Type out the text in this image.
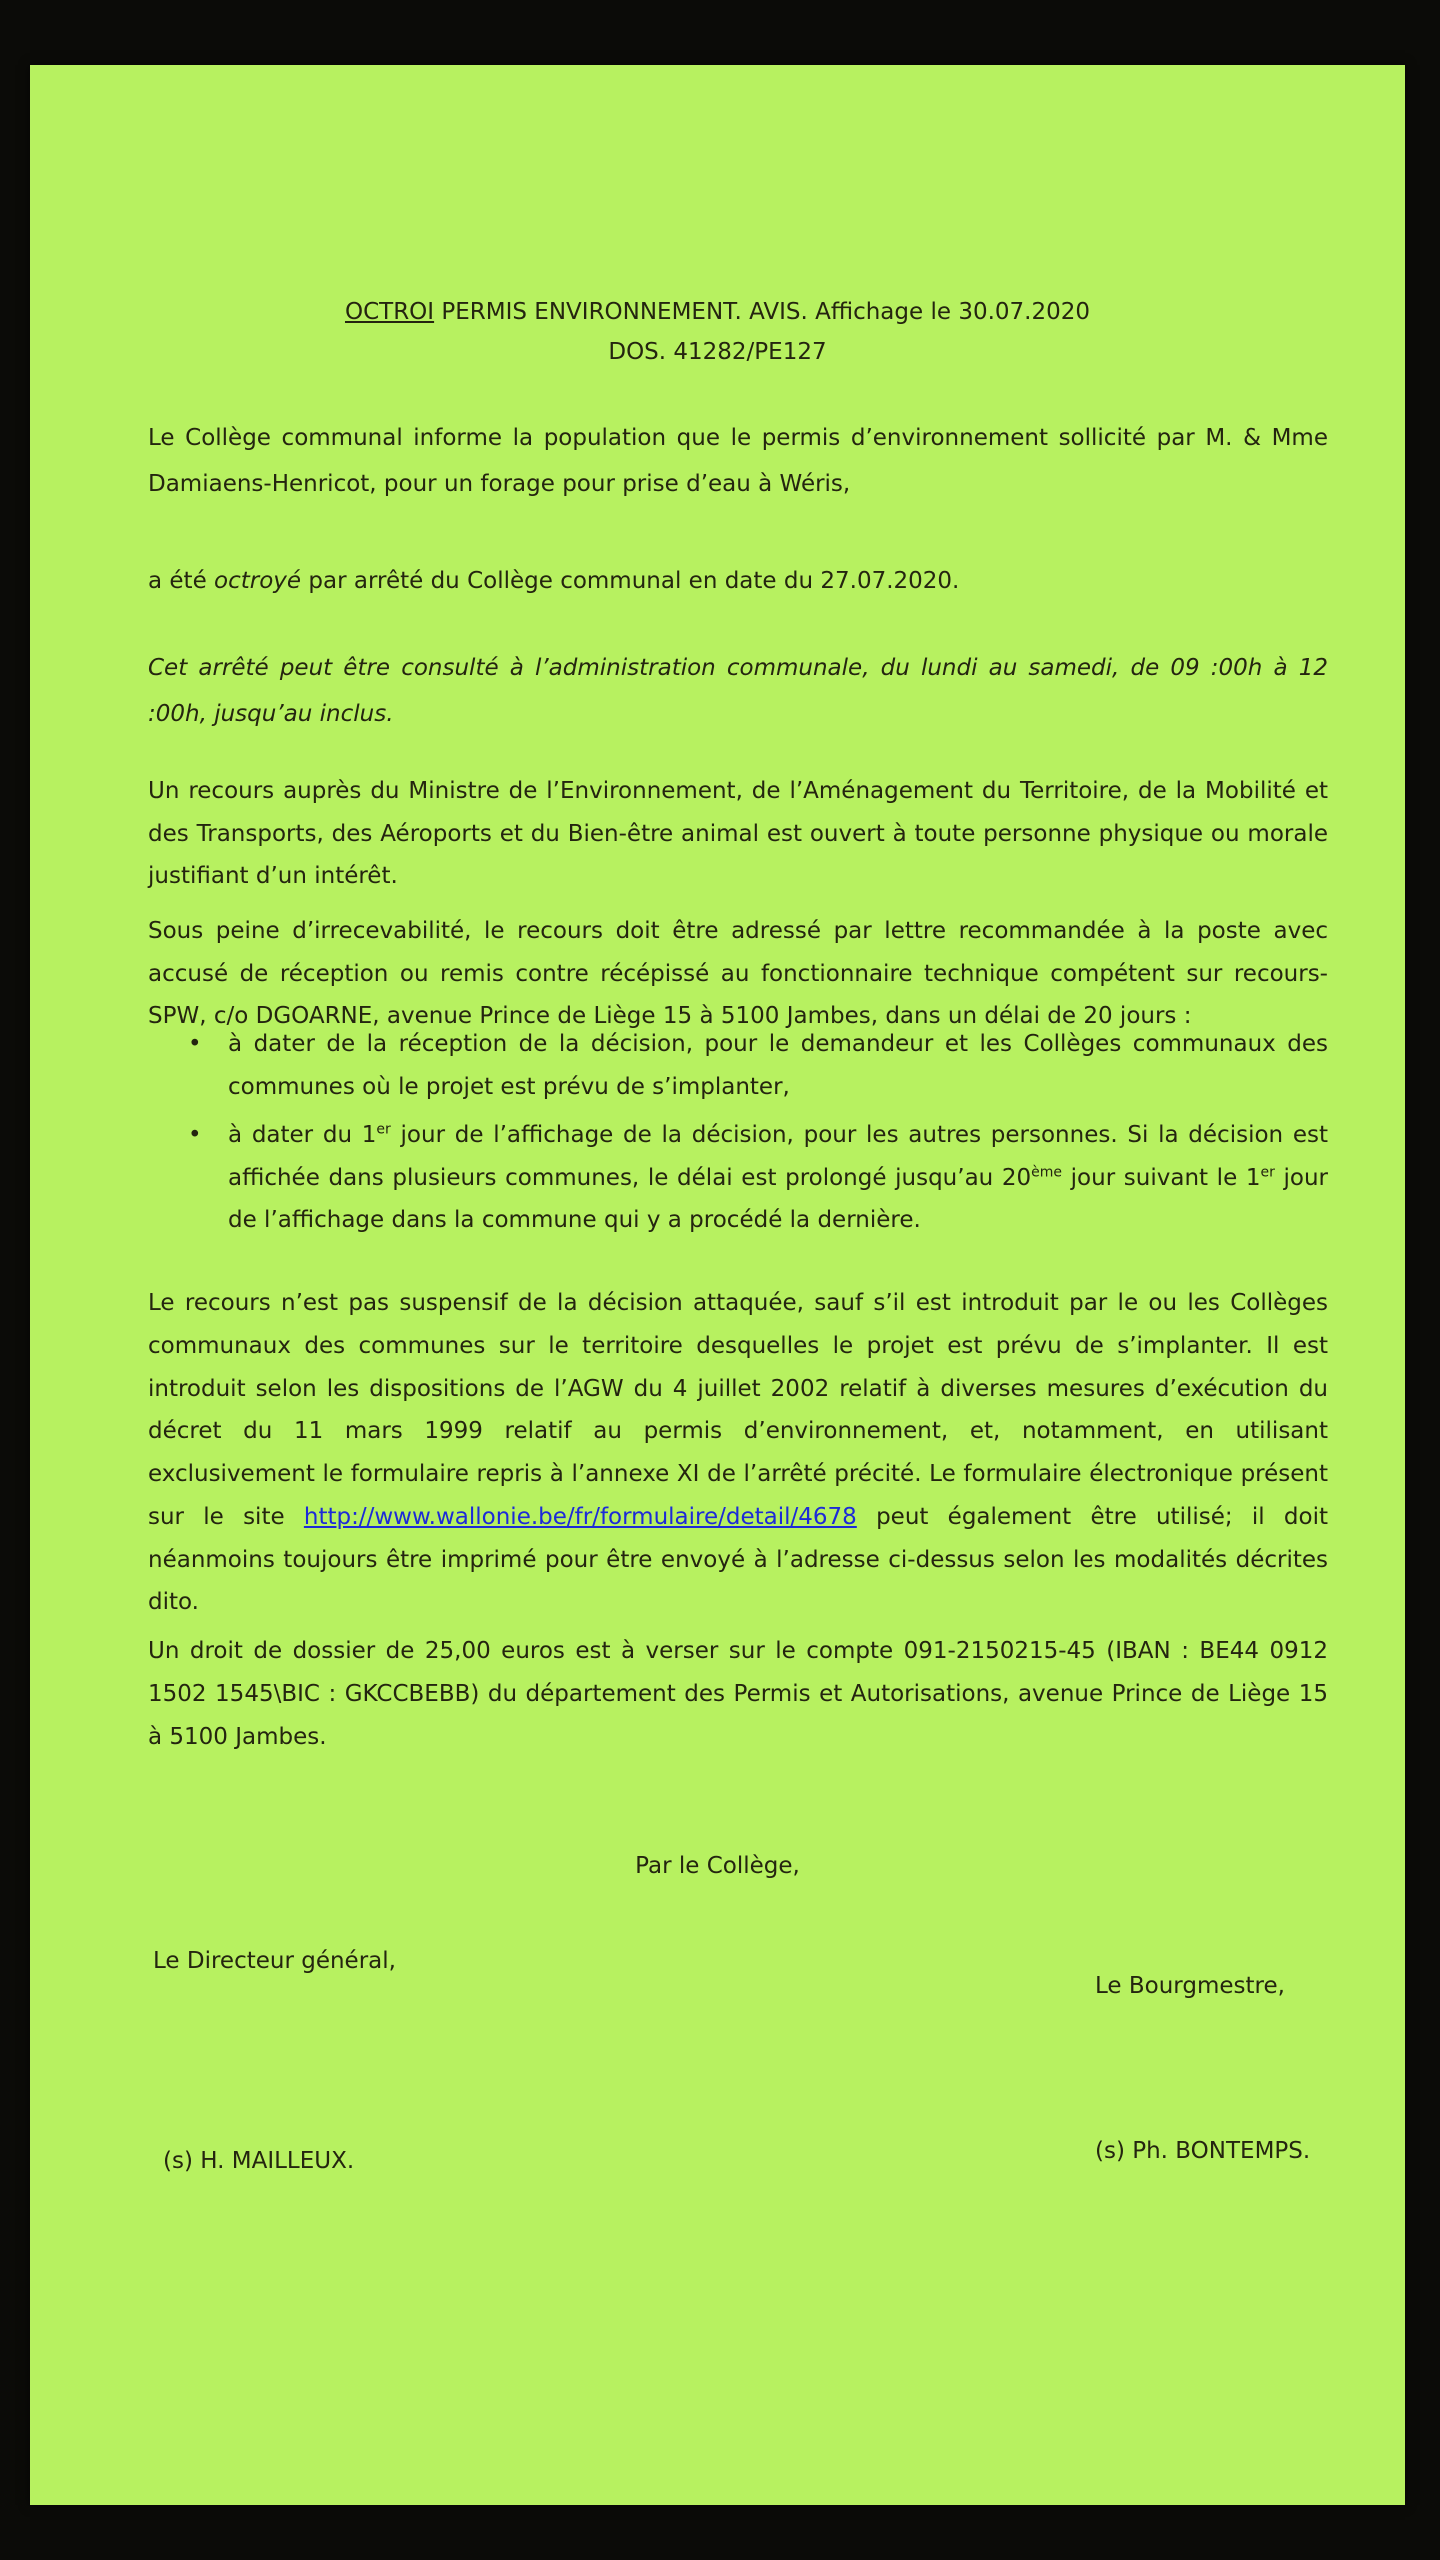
OCTROI PERMIS ENVIRONNEMENT. AVIS. Affichage le 30.07.2020
DOS. 41282/PE127

Le Collège communal informe la population que le permis d’environnement sollicité par M. & Mme Damiaens-Henricot, pour un forage pour prise d’eau à Wéris,

a été octroyé par arrêté du Collège communal en date du 27.07.2020.

Cet arrêté peut être consulté à l’administration communale, du lundi au samedi, de 09 :00h à 12 :00h, jusqu’au inclus.

Un recours auprès du Ministre de l’Environnement, de l’Aménagement du Territoire, de la Mobilité et des Transports, des Aéroports et du Bien-être animal est ouvert à toute personne physique ou morale justifiant d’un intérêt.

Sous peine d’irrecevabilité, le recours doit être adressé par lettre recommandée à la poste avec accusé de réception ou remis contre récépissé au fonctionnaire technique compétent sur recours-SPW, c/o DGOARNE, avenue Prince de Liège 15 à 5100 Jambes, dans un délai de 20 jours :

• à dater de la réception de la décision, pour le demandeur et les Collèges communaux des communes où le projet est prévu de s’implanter,
• à dater du 1er jour de l’affichage de la décision, pour les autres personnes. Si la décision est affichée dans plusieurs communes, le délai est prolongé jusqu’au 20ème jour suivant le 1er jour de l’affichage dans la commune qui y a procédé la dernière.

Le recours n’est pas suspensif de la décision attaquée, sauf s’il est introduit par le ou les Collèges communaux des communes sur le territoire desquelles le projet est prévu de s’implanter. Il est introduit selon les dispositions de l’AGW du 4 juillet 2002 relatif à diverses mesures d’exécution du décret du 11 mars 1999 relatif au permis d’environnement, et, notamment, en utilisant exclusivement le formulaire repris à l’annexe XI de l’arrêté précité. Le formulaire électronique présent sur le site http://www.wallonie.be/fr/formulaire/detail/4678 peut également être utilisé; il doit néanmoins toujours être imprimé pour être envoyé à l’adresse ci-dessus selon les modalités décrites dito.

Un droit de dossier de 25,00 euros est à verser sur le compte 091-2150215-45 (IBAN : BE44 0912 1502 1545\BIC : GKCCBEBB) du département des Permis et Autorisations, avenue Prince de Liège 15 à 5100 Jambes.

Par le Collège,
Le Directeur général,
Le Bourgmestre,
(s) H. MAILLEUX.	(s) Ph. BONTEMPS.
